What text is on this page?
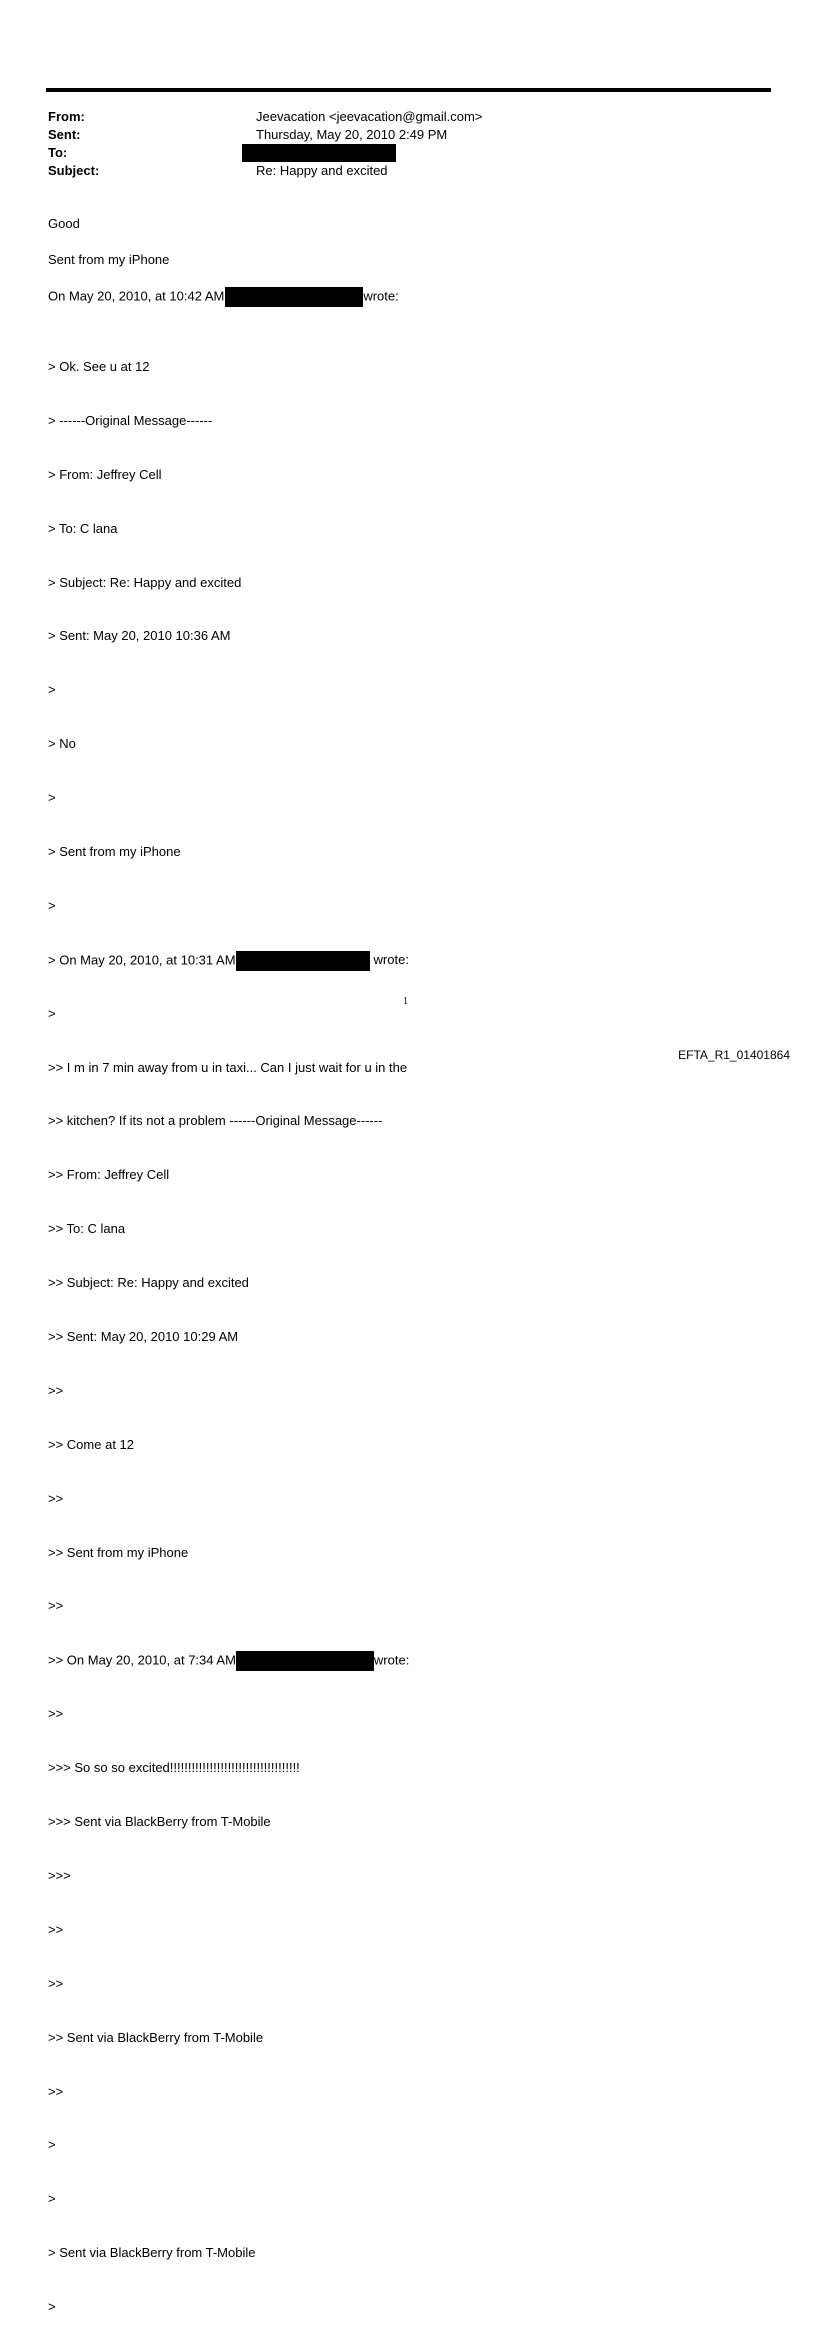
From:	Jeevacation <jeevacation@gmail.com>
Sent:	Thursday, May 20, 2010 2:49 PM
To:
Subject:	Re: Happy and excited
Good
Sent from my iPhone
On May 20, 2010, at 10:42 AM	wrote:

> Ok. See u at 12

> ------Original Message------

> From: Jeffrey Cell

> To: C lana

> Subject: Re: Happy and excited

> Sent: May 20, 2010 10:36 AM

>

> No

>

> Sent from my iPhone

>

> On May 20, 2010, at 10:31 AM	wrote:

>

>> I m in 7 min away from u in taxi... Can I just wait for u in the

>> kitchen? If its not a problem ------Original Message------

>> From: Jeffrey Cell

>> To: C lana

>> Subject: Re: Happy and excited

>> Sent: May 20, 2010 10:29 AM

>>

>> Come at 12

>>

>> Sent from my iPhone

>>

>> On May 20, 2010, at 7:34 AM	wrote:

>>

>>> So so so excited!!!!!!!!!!!!!!!!!!!!!!!!!!!!!!!!!!!!

>>> Sent via BlackBerry from T-Mobile

>>>

>>

>>

>> Sent via BlackBerry from T-Mobile

>>

>

>

> Sent via BlackBerry from T-Mobile

>

1
EFTA_R1_01401864
